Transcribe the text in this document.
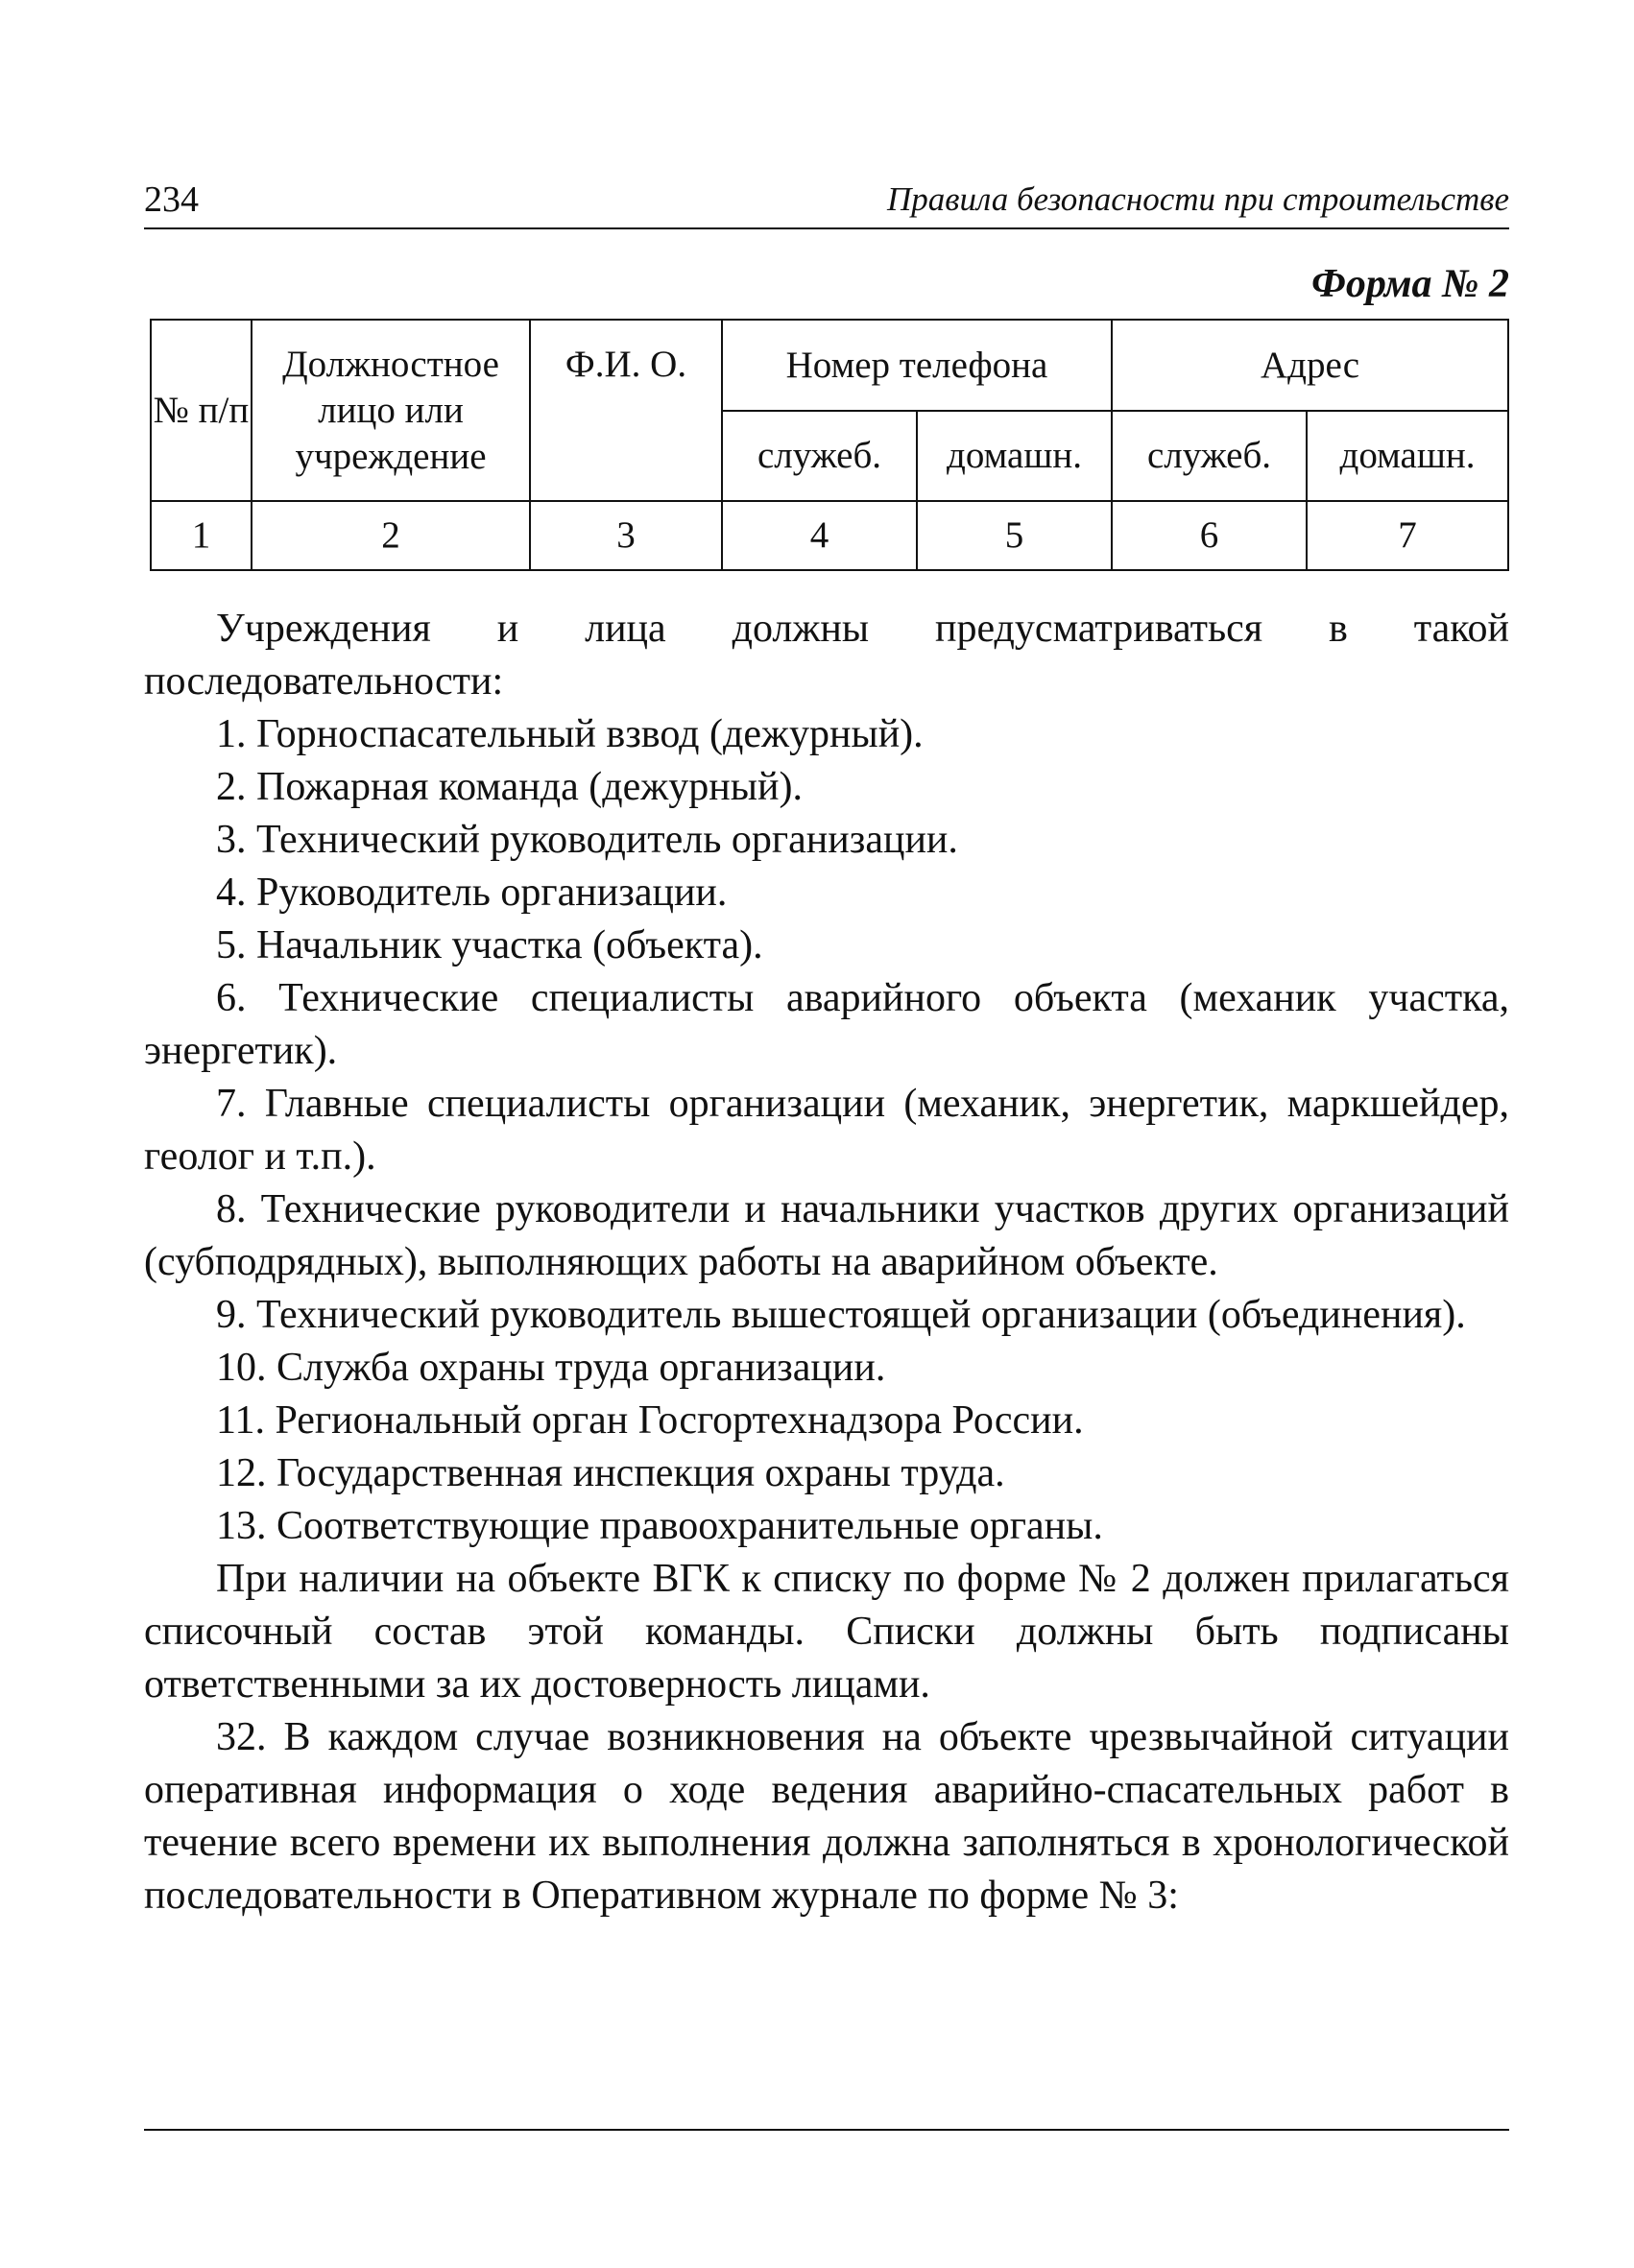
234	Правила безопасности при строительстве
Форма № 2
№ п/п	Должностное лицо или учреждение	Ф.И. О.	Номер телефона		Адрес	
			служеб.	домашн.	служеб.	домашн.
1	2	3	4	5	6	7

Учреждения и лица должны предусматриваться в такой последовательности:

1. Горноспасательный взвод (дежурный).

2. Пожарная команда (дежурный).

3. Технический руководитель организации.

4. Руководитель организации.

5. Начальник участка (объекта).

6. Технические специалисты аварийного объекта (механик участка, энергетик).

7. Главные специалисты организации (механик, энергетик, маркшейдер, геолог и т.п.).

8. Технические руководители и начальники участков других организаций (субподрядных), выполняющих работы на аварийном объекте.

9. Технический руководитель вышестоящей организации (объединения).

10. Служба охраны труда организации.

11. Региональный орган Госгортехнадзора России.

12. Государственная инспекция охраны труда.

13. Соответствующие правоохранительные органы.

При наличии на объекте ВГК к списку по форме № 2 должен прилагаться списочный состав этой команды. Списки должны быть подписаны ответственными за их достоверность лицами.

32. В каждом случае возникновения на объекте чрезвычайной ситуации оперативная информация о ходе ведения аварийно-спасательных работ в течение всего времени их выполнения должна заполняться в хронологической последовательности в Оперативном журнале по форме № 3:
